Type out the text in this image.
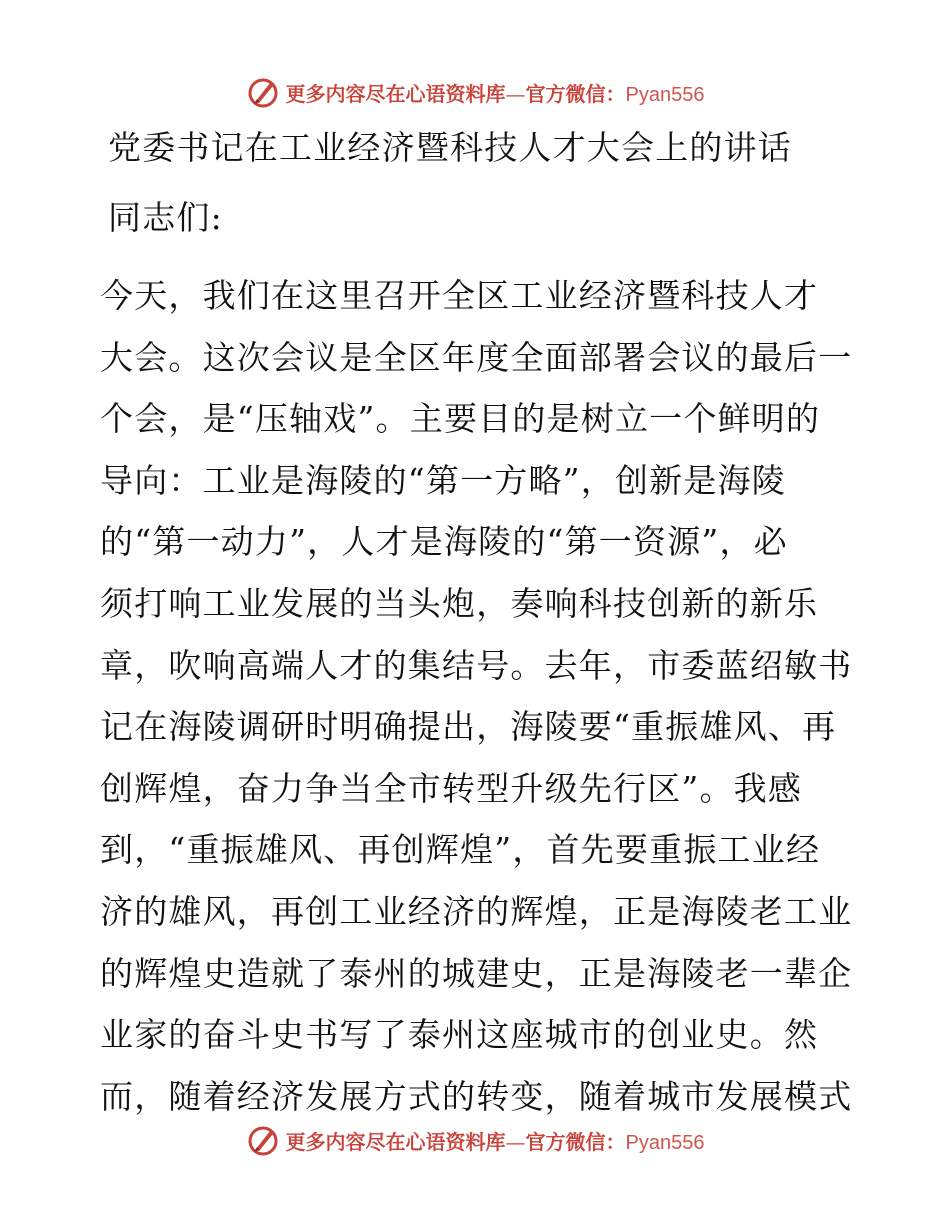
更多内容尽在心语资料库—官方微信：Pyan556
党委书记在工业经济暨科技人才大会上的讲话
同志们:
今天，我们在这里召开全区工业经济暨科技人才
大会。这次会议是全区年度全面部署会议的最后一
个会，是“压轴戏”。主要目的是树立一个鲜明的
导向：工业是海陵的“第一方略”，创新是海陵
的“第一动力”，人才是海陵的“第一资源”，必
须打响工业发展的当头炮，奏响科技创新的新乐
章，吹响高端人才的集结号。去年，市委蓝绍敏书
记在海陵调研时明确提出，海陵要“重振雄风、再
创辉煌，奋力争当全市转型升级先行区”。我感
到，“重振雄风、再创辉煌”，首先要重振工业经
济的雄风，再创工业经济的辉煌，正是海陵老工业
的辉煌史造就了泰州的城建史，正是海陵老一辈企
业家的奋斗史书写了泰州这座城市的创业史。然
而，随着经济发展方式的转变，随着城市发展模式
更多内容尽在心语资料库—官方微信：Pyan556
